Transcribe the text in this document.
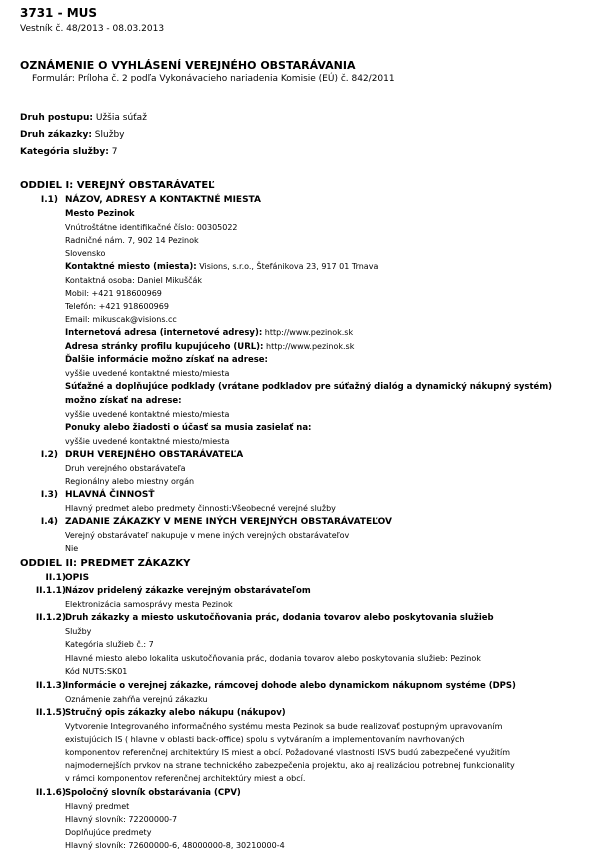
3731 - MUS
Vestník č. 48/2013 - 08.03.2013
OZNÁMENIE O VYHLÁSENÍ VEREJNÉHO OBSTARÁVANIA
Formulár: Príloha č. 2 podľa Vykonávacieho nariadenia Komisie (EÚ) č. 842/2011
Druh postupu: Užšia súťaž
Druh zákazky: Služby
Kategória služby: 7
ODDIEL I: VEREJNÝ OBSTARÁVATEĽ
I.1) NÁZOV, ADRESY A KONTAKTNÉ MIESTA
Mesto Pezinok
Vnútroštátne identifikačné číslo: 00305022
Radničné nám. 7, 902 14 Pezinok
Slovensko
Kontaktné miesto (miesta): Visions, s.r.o., Štefánikova 23, 917 01 Trnava
Kontaktná osoba: Daniel Mikuščák
Mobil: +421 918600969
Telefón: +421 918600969
Email: mikuscak@visions.cc
Internetová adresa (internetové adresy): http://www.pezinok.sk
Adresa stránky profilu kupujúceho (URL): http://www.pezinok.sk
Ďalšie informácie možno získať na adrese:
vyššie uvedené kontaktné miesto/miesta
Súťažné a doplňujúce podklady (vrátane podkladov pre súťažný dialóg a dynamický nákupný systém)
možno získať na adrese:
vyššie uvedené kontaktné miesto/miesta
Ponuky alebo žiadosti o účasť sa musia zasielať na:
vyššie uvedené kontaktné miesto/miesta
I.2) DRUH VEREJNÉHO OBSTARÁVATEĽA
Druh verejného obstarávateľa
Regionálny alebo miestny orgán
I.3) HLAVNÁ ČINNOSŤ
Hlavný predmet alebo predmety činnosti:Všeobecné verejné služby
I.4) ZADANIE ZÁKAZKY V MENE INÝCH VEREJNÝCH OBSTARÁVATEĽOV
Verejný obstarávateľ nakupuje v mene iných verejných obstarávateľov
Nie
ODDIEL II: PREDMET ZÁKAZKY
II.1) OPIS
II.1.1) Názov pridelený zákazke verejným obstarávateľom
Elektronizácia samosprávy mesta Pezinok
II.1.2) Druh zákazky a miesto uskutočňovania prác, dodania tovarov alebo poskytovania služieb
Služby
Kategória služieb č.: 7
Hlavné miesto alebo lokalita uskutočňovania prác, dodania tovarov alebo poskytovania služieb: Pezinok
Kód NUTS:SK01
II.1.3) Informácie o verejnej zákazke, rámcovej dohode alebo dynamickom nákupnom systéme (DPS)
Oznámenie zahŕňa verejnú zákazku
II.1.5) Stručný opis zákazky alebo nákupu (nákupov)
Vytvorenie Integrovaného informačného systému mesta Pezinok sa bude realizovať postupným upravovaním
existujúcich IS ( hlavne v oblasti back-office) spolu s vytváraním a implementovaním navrhovaných
komponentov referenčnej architektúry IS miest a obcí. Požadované vlastnosti ISVS budú zabezpečené využitím
najmodernejších prvkov na strane technického zabezpečenia projektu, ako aj realizáciou potrebnej funkcionality
v rámci komponentov referenčnej architektúry miest a obcí.
II.1.6) Spoločný slovník obstarávania (CPV)
Hlavný predmet
Hlavný slovník: 72200000-7
Doplňujúce predmety
Hlavný slovník: 72600000-6, 48000000-8, 30210000-4
